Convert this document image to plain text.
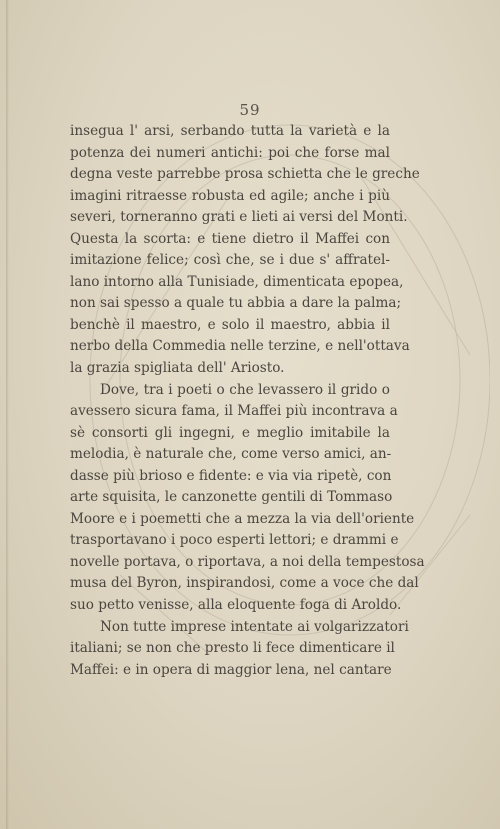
59
insegua l' arsi, serbando tutta la varietà e la
potenza dei numeri antichi: poi che forse mal
degna veste parrebbe prosa schietta che le greche
imagini ritraesse robusta ed agile; anche i più
severi, torneranno grati e lieti ai versi del Monti.
Questa la scorta: e tiene dietro il Maffei con
imitazione felice; così che, se i due s' affratel-
lano intorno alla Tunisiade, dimenticata epopea,
non sai spesso a quale tu abbia a dare la palma;
benchè il maestro, e solo il maestro, abbia il
nerbo della Commedia nelle terzine, e nell'ottava
la grazia spigliata dell' Ariosto.
Dove, tra i poeti o che levassero il grido o
avessero sicura fama, il Maffei più incontrava a
sè consorti gli ingegni, e meglio imitabile la
melodia, è naturale che, come verso amici, an-
dasse più brioso e fidente: e via via ripetè, con
arte squisita, le canzonette gentili di Tommaso
Moore e i poemetti che a mezza la via dell'oriente
trasportavano i poco esperti lettori; e drammi e
novelle portava, o riportava, a noi della tempestosa
musa del Byron, inspirandosi, come a voce che dal
suo petto venisse, alla eloquente foga di Aroldo.
Non tutte imprese intentate ai volgarizzatori
italiani; se non che presto li fece dimenticare il
Maffei: e in opera di maggior lena, nel cantare
